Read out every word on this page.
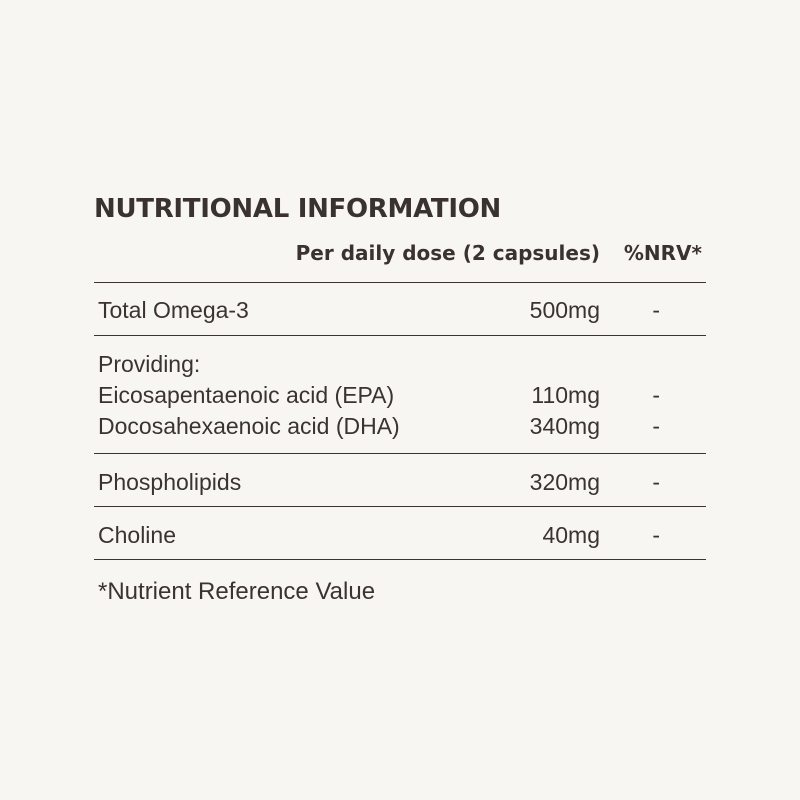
NUTRITIONAL INFORMATION
Per daily dose (2 capsules) %NRV*
Total Omega-3	500mg -
Providing:
Eicosapentaenoic acid (EPA)	110mg -
Docosahexaenoic acid (DHA)	340mg -
Phospholipids	320mg -
Choline	40mg -
*Nutrient Reference Value
